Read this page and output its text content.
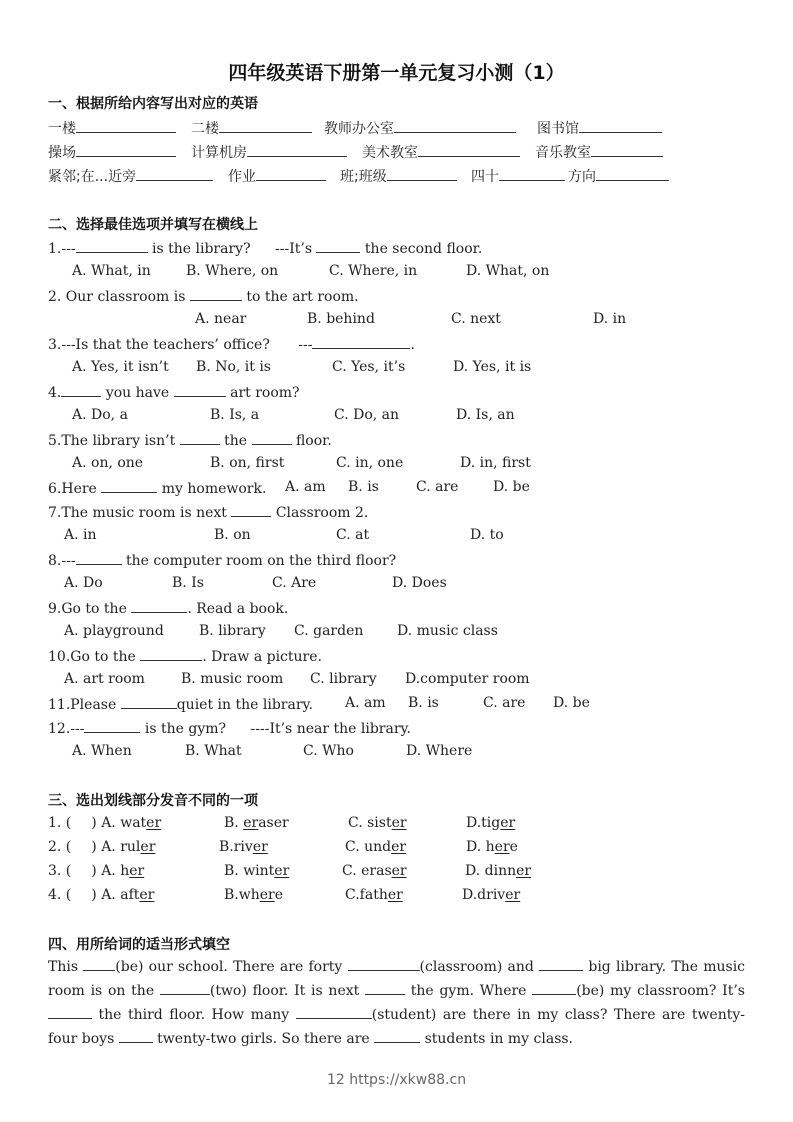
四年级英语下册第一单元复习小测（1）
一、根据所给内容写出对应的英语
一楼	二楼	教师办公室	图书馆
操场	计算机房	美术教室	音乐教室
紧邻;在...近旁	作业	班;班级	四十	方向
二、选择最佳选项并填写在横线上
1.---	is the library? ---It’s	the second floor.
A. What, in	B. Where, on	C. Where, in	D. What, on
2. Our classroom is	to the art room.
A. near	B. behind	C. next	D. in
3.---Is that the teachers’ office? ---	.
A. Yes, it isn’t B. No, it is	C. Yes, it’s	D. Yes, it is
4.	you have	art room?
A. Do, a	B. Is, a	C. Do, an	D. Is, an
5.The library isn’t	the	floor.
A. on, one	B. on, first	C. in, one	D. in, first
6.Here	my homework. A. am B. is	C. are D. be
7.The music room is next	Classroom 2.
A. in	B. on	C. at	D. to
8.---	the computer room on the third floor?
A. Do	B. Is	C. Are	D. Does
9.Go to the	. Read a book.
A. playground	B. library C. garden D. music class
10.Go to the	. Draw a picture.
A. art room	B. music room C. library D.computer room
11.Please	quiet in the library. A. am B. is	C. are D. be
12.---	is the gym? ----It’s near the library.
A. When	B. What	C. Who	D. Where
三、选出划线部分发音不同的一项
1. ( ) A. water	B. eraser	C. sister	D.tiger
2. ( ) A. ruler	B.river	C. under	D. here
3. ( ) A. her	B. winter	C. eraser	D. dinner
4. ( ) A. after	B.where	C.father	D.driver
四、用所给词的适当形式填空
This	(be) our school. There are forty	(classroom) and	big library. The music room is on the	(two) floor. It is next	the gym. Where	(be) my classroom? It’s  the third floor. How many	(student) are there in my class? There are twenty-four boys	twenty-two girls. So there are	students in my class.
12 https://xkw88.cn
